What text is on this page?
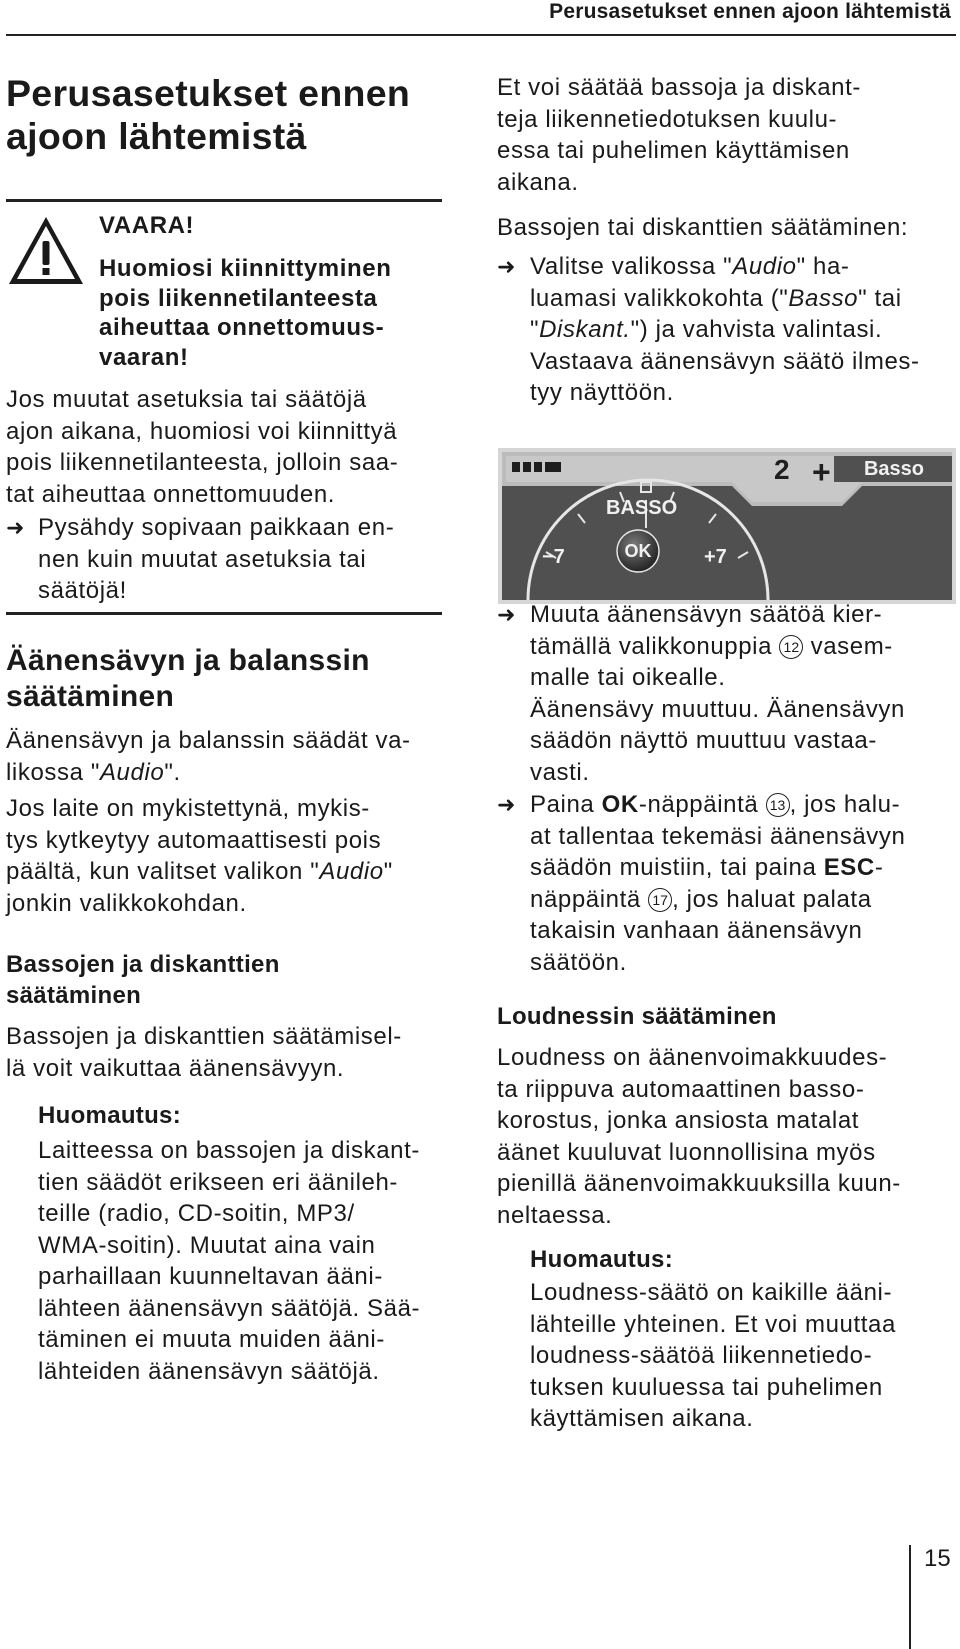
Perusasetukset ennen ajoon lähtemistä
Perusasetukset ennen
ajoon lähtemistä
VAARA!
Huomiosi kiinnittyminen
pois liikennetilanteesta
aiheuttaa onnettomuus-
vaaran!
Jos muutat asetuksia tai säätöjä
ajon aikana, huomiosi voi kiinnittyä
pois liikennetilanteesta, jolloin saa-
tat aiheuttaa onnettomuuden.
➜ Pysähdy sopivaan paikkaan en-
nen kuin muutat asetuksia tai
säätöjä!
Äänensävyn ja balanssin
säätäminen
Äänensävyn ja balanssin säädät va-
likossa "Audio".
Jos laite on mykistettynä, mykis-
tys kytkeytyy automaattisesti pois
päältä, kun valitset valikon "Audio"
jonkin valikkokohdan.
Bassojen ja diskanttien
säätäminen
Bassojen ja diskanttien säätämisel-
lä voit vaikuttaa äänensävyyn.
Huomautus:
Laitteessa on bassojen ja diskant-
tien säädöt erikseen eri äänileh-
teille (radio, CD-soitin, MP3/
WMA-soitin). Muutat aina vain
parhaillaan kuunneltavan ääni-
lähteen äänensävyn säätöjä. Sää-
täminen ei muuta muiden ääni-
lähteiden äänensävyn säätöjä.
Et voi säätää bassoja ja diskant-
teja liikennetiedotuksen kuulu-
essa tai puhelimen käyttämisen
aikana.
Bassojen tai diskanttien säätäminen:
➜ Valitse valikossa "Audio" ha-
luamasi valikkokohta ("Basso" tai
"Diskant.") ja vahvista valintasi.
Vastaava äänensävyn säätö ilmes-
tyy näyttöön.
Basso
2 +
BASSO
−7	+7
OK
➜ Muuta äänensävyn säätöä kier-
tämällä valikkonuppia 12 vasem-
malle tai oikealle.
Äänensävy muuttuu. Äänensävyn
säädön näyttö muuttuu vastaa-
vasti.
➜ Paina OK-näppäintä 13 , jos halu-
at tallentaa tekemäsi äänensävyn
säädön muistiin, tai paina ESC-
näppäintä 17 , jos haluat palata
takaisin vanhaan äänensävyn
säätöön.
Loudnessin säätäminen
Loudness on äänenvoimakkuudes-
ta riippuva automaattinen basso-
korostus, jonka ansiosta matalat
äänet kuuluvat luonnollisina myös
pienillä äänenvoimakkuuksilla kuun-
neltaessa.
Huomautus:
Loudness-säätö on kaikille ääni-
lähteille yhteinen. Et voi muuttaa
loudness-säätöä liikennetiedo-
tuksen kuuluessa tai puhelimen
käyttämisen aikana.
15
